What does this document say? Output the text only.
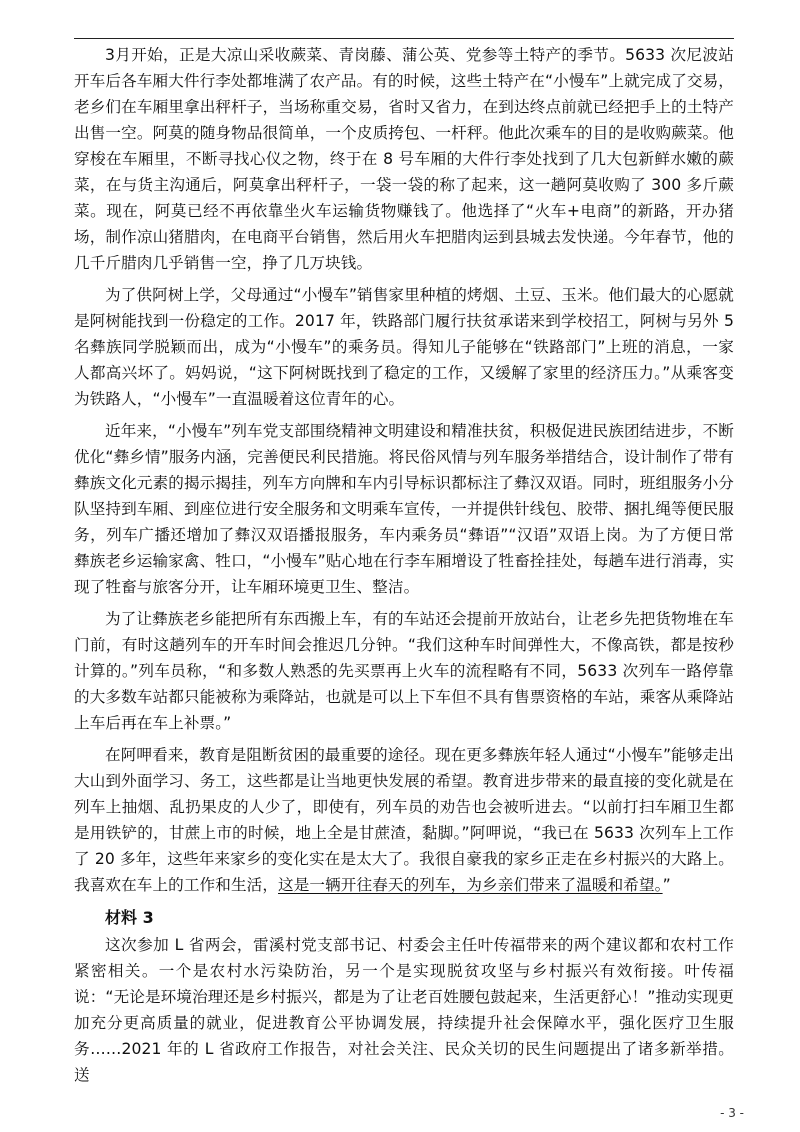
3月开始，正是大凉山采收蕨菜、青岗藤、蒲公英、党参等土特产的季节。5633 次尼波站开车后各车厢大件行李处都堆满了农产品。有的时候，这些土特产在“小慢车”上就完成了交易，老乡们在车厢里拿出秤杆子，当场称重交易，省时又省力，在到达终点前就已经把手上的土特产出售一空。阿莫的随身物品很简单，一个皮质挎包、一杆秤。他此次乘车的目的是收购蕨菜。他穿梭在车厢里，不断寻找心仪之物，终于在 8 号车厢的大件行李处找到了几大包新鲜水嫩的蕨菜，在与货主沟通后，阿莫拿出秤杆子，一袋一袋的称了起来，这一趟阿莫收购了 300 多斤蕨菜。现在，阿莫已经不再依靠坐火车运输货物赚钱了。他选择了“火车+电商”的新路，开办猪场，制作凉山猪腊肉，在电商平台销售，然后用火车把腊肉运到县城去发快递。今年春节，他的几千斤腊肉几乎销售一空，挣了几万块钱。

为了供阿树上学，父母通过“小慢车”销售家里种植的烤烟、土豆、玉米。他们最大的心愿就是阿树能找到一份稳定的工作。2017 年，铁路部门履行扶贫承诺来到学校招工，阿树与另外 5 名彝族同学脱颖而出，成为“小慢车”的乘务员。得知儿子能够在“铁路部门”上班的消息，一家人都高兴坏了。妈妈说，“这下阿树既找到了稳定的工作，又缓解了家里的经济压力。”从乘客变为铁路人，“小慢车”一直温暖着这位青年的心。

近年来，“小慢车”列车党支部围绕精神文明建设和精准扶贫，积极促进民族团结进步，不断优化“彝乡情”服务内涵，完善便民利民措施。将民俗风情与列车服务举措结合，设计制作了带有彝族文化元素的揭示揭挂，列车方向牌和车内引导标识都标注了彝汉双语。同时，班组服务小分队坚持到车厢、到座位进行安全服务和文明乘车宣传，一并提供针线包、胶带、捆扎绳等便民服务，列车广播还增加了彝汉双语播报服务，车内乘务员“彝语”“汉语”双语上岗。为了方便日常彝族老乡运输家禽、牲口，“小慢车”贴心地在行李车厢增设了牲畜拴挂处，每趟车进行消毒，实现了牲畜与旅客分开，让车厢环境更卫生、整洁。

为了让彝族老乡能把所有东西搬上车，有的车站还会提前开放站台，让老乡先把货物堆在车门前，有时这趟列车的开车时间会推迟几分钟。“我们这种车时间弹性大，不像高铁，都是按秒计算的。”列车员称，“和多数人熟悉的先买票再上火车的流程略有不同，5633 次列车一路停靠的大多数车站都只能被称为乘降站，也就是可以上下车但不具有售票资格的车站，乘客从乘降站上车后再在车上补票。”

在阿呷看来，教育是阻断贫困的最重要的途径。现在更多彝族年轻人通过“小慢车”能够走出大山到外面学习、务工，这些都是让当地更快发展的希望。教育进步带来的最直接的变化就是在列车上抽烟、乱扔果皮的人少了，即使有，列车员的劝告也会被听进去。“以前打扫车厢卫生都是用铁铲的，甘蔗上市的时候，地上全是甘蔗渣，黏脚。”阿呷说，“我已在 5633 次列车上工作了 20 多年，这些年来家乡的变化实在是太大了。我很自豪我的家乡正走在乡村振兴的大路上。我喜欢在车上的工作和生活，这是一辆开往春天的列车，为乡亲们带来了温暖和希望。”

材料 3

这次参加 L 省两会，雷溪村党支部书记、村委会主任叶传福带来的两个建议都和农村工作紧密相关。一个是农村水污染防治，另一个是实现脱贫攻坚与乡村振兴有效衔接。叶传福说：“无论是环境治理还是乡村振兴，都是为了让老百姓腰包鼓起来，生活更舒心！”推动实现更加充分更高质量的就业，促进教育公平协调发展，持续提升社会保障水平，强化医疗卫生服务……2021 年的 L 省政府工作报告，对社会关注、民众关切的民生问题提出了诸多新举措。送

- 3 -
